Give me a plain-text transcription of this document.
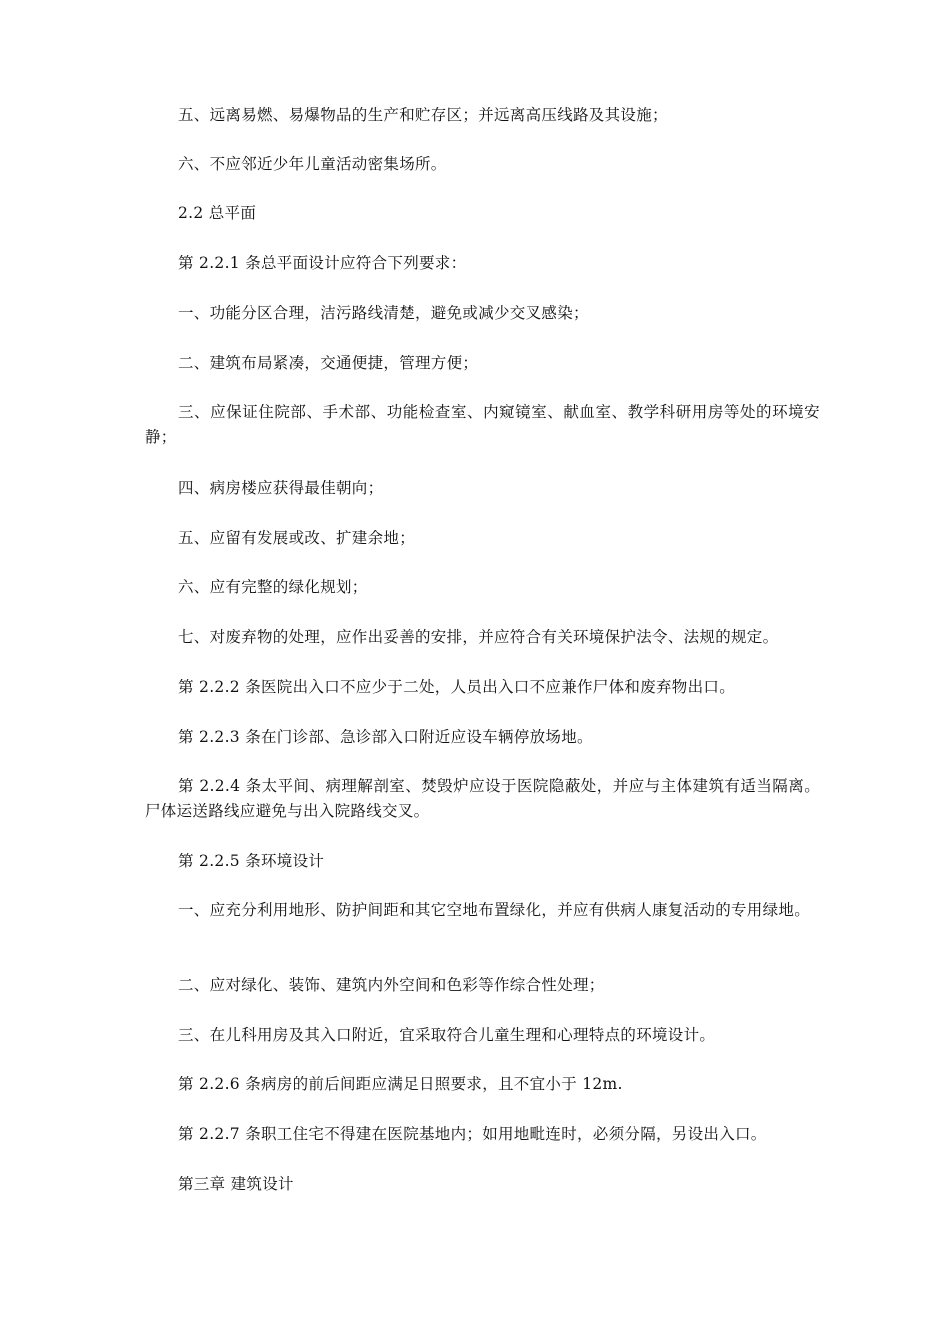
五、远离易燃、易爆物品的生产和贮存区；并远离高压线路及其设施；
六、不应邻近少年儿童活动密集场所。
2.2 总平面
第 2.2.1 条总平面设计应符合下列要求：
一、功能分区合理，洁污路线清楚，避免或减少交叉感染；
二、建筑布局紧凑，交通便捷，管理方便；
三、应保证住院部、手术部、功能检查室、内窥镜室、献血室、教学科研用房等处的环境安静；
四、病房楼应获得最佳朝向；
五、应留有发展或改、扩建余地；
六、应有完整的绿化规划；
七、对废弃物的处理，应作出妥善的安排，并应符合有关环境保护法令、法规的规定。
第 2.2.2 条医院出入口不应少于二处，人员出入口不应兼作尸体和废弃物出口。
第 2.2.3 条在门诊部、急诊部入口附近应设车辆停放场地。
第 2.2.4 条太平间、病理解剖室、焚毁炉应设于医院隐蔽处，并应与主体建筑有适当隔离。尸体运送路线应避免与出入院路线交叉。
第 2.2.5 条环境设计
一、应充分利用地形、防护间距和其它空地布置绿化，并应有供病人康复活动的专用绿地。
二、应对绿化、装饰、建筑内外空间和色彩等作综合性处理；
三、在儿科用房及其入口附近，宜采取符合儿童生理和心理特点的环境设计。
第 2.2.6 条病房的前后间距应满足日照要求，且不宜小于 12m.
第 2.2.7 条职工住宅不得建在医院基地内；如用地毗连时，必须分隔，另设出入口。
第三章 建筑设计
